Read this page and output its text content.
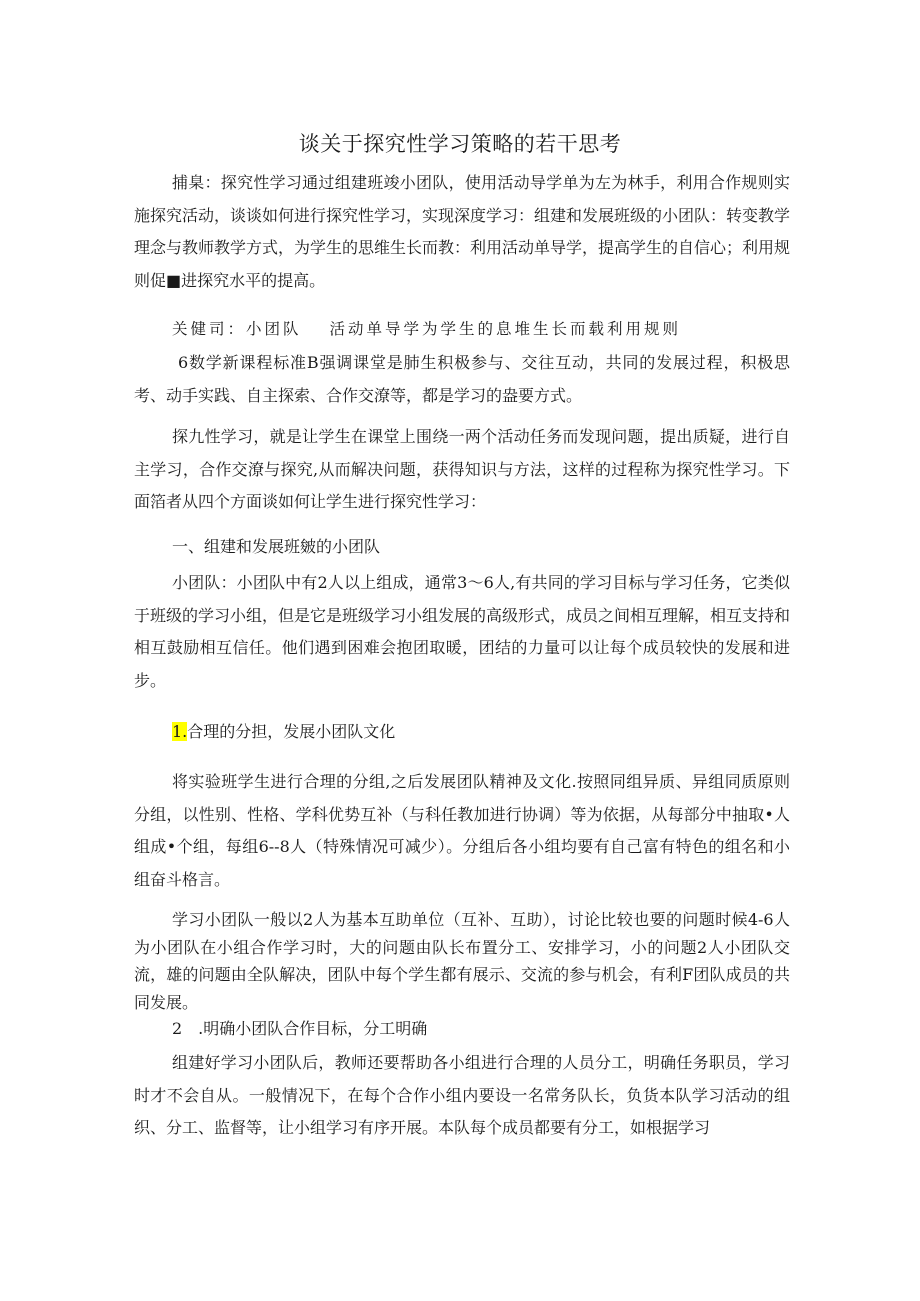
谈关于探究性学习策略的若干思考

捕臬：探究性学习通过组建班竣小团队，使用活动导学单为左为林手，利用合作规则实施探究活动，谈谈如何进行探究性学习，实现深度学习：组建和发展班级的小团队：转变教学理念与教师教学方式，为学生的思维生长而教：利用活动单导学，提高学生的自信心；利用规则促■进探究水平的提高。

关健司：小团队 活动单导学为学生的息堆生长而载利用规则

6数学新课程标准B强调课堂是肺生积极参与、交往互动，共同的发展过程，积极思考、动手实践、自主探索、合作交潦等，都是学习的盎要方式。

探九性学习，就是让学生在课堂上围绕一两个活动任务而发现问题，提出质疑，进行自主学习，合作交潦与探究,从而解决问题，获得知识与方法，这样的过程称为探究性学习。下面箔者从四个方面谈如何让学生进行探究性学习：

一、组建和发展班皴的小团队

小团队：小团队中有2人以上组成，通常3〜6人,有共同的学习目标与学习任务，它类似于班级的学习小组，但是它是班级学习小组发展的高级形式，成员之间相互理解，相互支持和相互鼓励相互信任。他们遇到困难会抱团取暖，团结的力量可以让每个成员较快的发展和进步。

1.合理的分担，发展小团队文化

将实验班学生进行合理的分组,之后发展团队精神及文化.按照同组异质、异组同质原则分组，以性别、性格、学科优势互补（与科任教加进行协调）等为依据，从每部分中抽取•人组成•个组，每组6--8人（特殊情况可减少）。分组后各小组均要有自己富有特色的组名和小组奋斗格言。

学习小团队一般以2人为基本互助单位（互补、互助），讨论比较也要的问题时候4-6人为小团队在小组合作学习时，大的问题由队长布置分工、安排学习，小的问题2人小团队交流，雄的问题由全队解决，团队中每个学生都有展示、交流的参与机会，有利F团队成员的共同发展。

2　.明确小团队合作目标，分工明确

组建好学习小团队后，教师还要帮助各小组进行合理的人员分工，明确任务职员，学习时才不会自从。一般情况下，在每个合作小组内要设一名常务队长，负货本队学习活动的组织、分工、监督等，让小组学习有序开展。本队每个成员都要有分工，如根据学习
